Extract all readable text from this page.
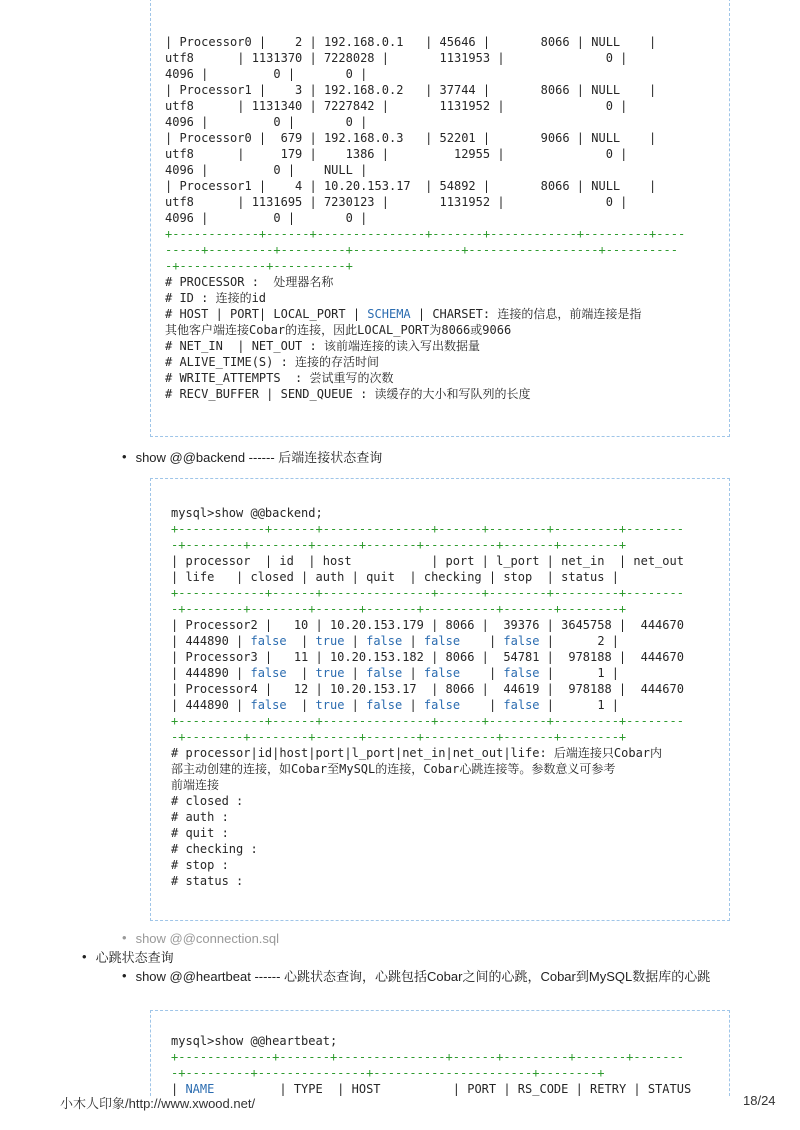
| Processor0 |    2 | 192.168.0.1   | 45646 |       8066 | NULL    |
utf8      | 1131370 | 7228028 |       1131953 |              0 |
4096 |         0 |       0 |
| Processor1 |    3 | 192.168.0.2   | 37744 |       8066 | NULL    |
utf8      | 1131340 | 7227842 |       1131952 |              0 |
4096 |         0 |       0 |
| Processor0 |  679 | 192.168.0.3   | 52201 |       9066 | NULL    |
utf8      |     179 |    1386 |         12955 |              0 |
4096 |         0 |    NULL |
| Processor1 |    4 | 10.20.153.17  | 54892 |       8066 | NULL    |
utf8      | 1131695 | 7230123 |       1131952 |              0 |
4096 |         0 |       0 |
+------------+------+---------------+-------+------------+---------+----
-----+---------+---------+---------------+------------------+----------
-+------------+----------+
# PROCESSOR :  处理器名称
# ID : 连接的id
# HOST | PORT| LOCAL_PORT | SCHEMA | CHARSET: 连接的信息，前端连接是指
其他客户端连接Cobar的连接，因此LOCAL_PORT为8066或9066
# NET_IN  | NET_OUT : 该前端连接的读入写出数据量
# ALIVE_TIME(S) : 连接的存活时间
# WRITE_ATTEMPTS  : 尝试重写的次数
# RECV_BUFFER | SEND_QUEUE : 读缓存的大小和写队列的长度
• show @@backend ------ 后端连接状态查询
mysql>show @@backend;
+------------+------+---------------+------+--------+---------+--------
-+--------+--------+------+-------+----------+-------+--------+
| processor  | id  | host           | port | l_port | net_in  | net_out
| life   | closed | auth | quit  | checking | stop  | status |
+------------+------+---------------+------+--------+---------+--------
-+--------+--------+------+-------+----------+-------+--------+
| Processor2 |   10 | 10.20.153.179 | 8066 |  39376 | 3645758 |  444670
| 444890 | false  | true | false | false    | false |      2 |
| Processor3 |   11 | 10.20.153.182 | 8066 |  54781 |  978188 |  444670
| 444890 | false  | true | false | false    | false |      1 |
| Processor4 |   12 | 10.20.153.17  | 8066 |  44619 |  978188 |  444670
| 444890 | false  | true | false | false    | false |      1 |
+------------+------+---------------+------+--------+---------+--------
-+--------+--------+------+-------+----------+-------+--------+
# processor|id|host|port|l_port|net_in|net_out|life: 后端连接只Cobar内
部主动创建的连接，如Cobar至MySQL的连接，Cobar心跳连接等。参数意义可参考
前端连接
# closed :
# auth :
# quit :
# checking :
# stop :
# status :
• show @@connection.sql
• 心跳状态查询
• show @@heartbeat ------ 心跳状态查询，心跳包括Cobar之间的心跳，Cobar到MySQL数据库的心跳
mysql>show @@heartbeat;
+-------------+-------+---------------+------+---------+-------+-------
-+---------+---------------+----------------------+--------+
| NAME         | TYPE  | HOST          | PORT | RS_CODE | RETRY | STATUS
小木人印象/http://www.xwood.net/	18/24
